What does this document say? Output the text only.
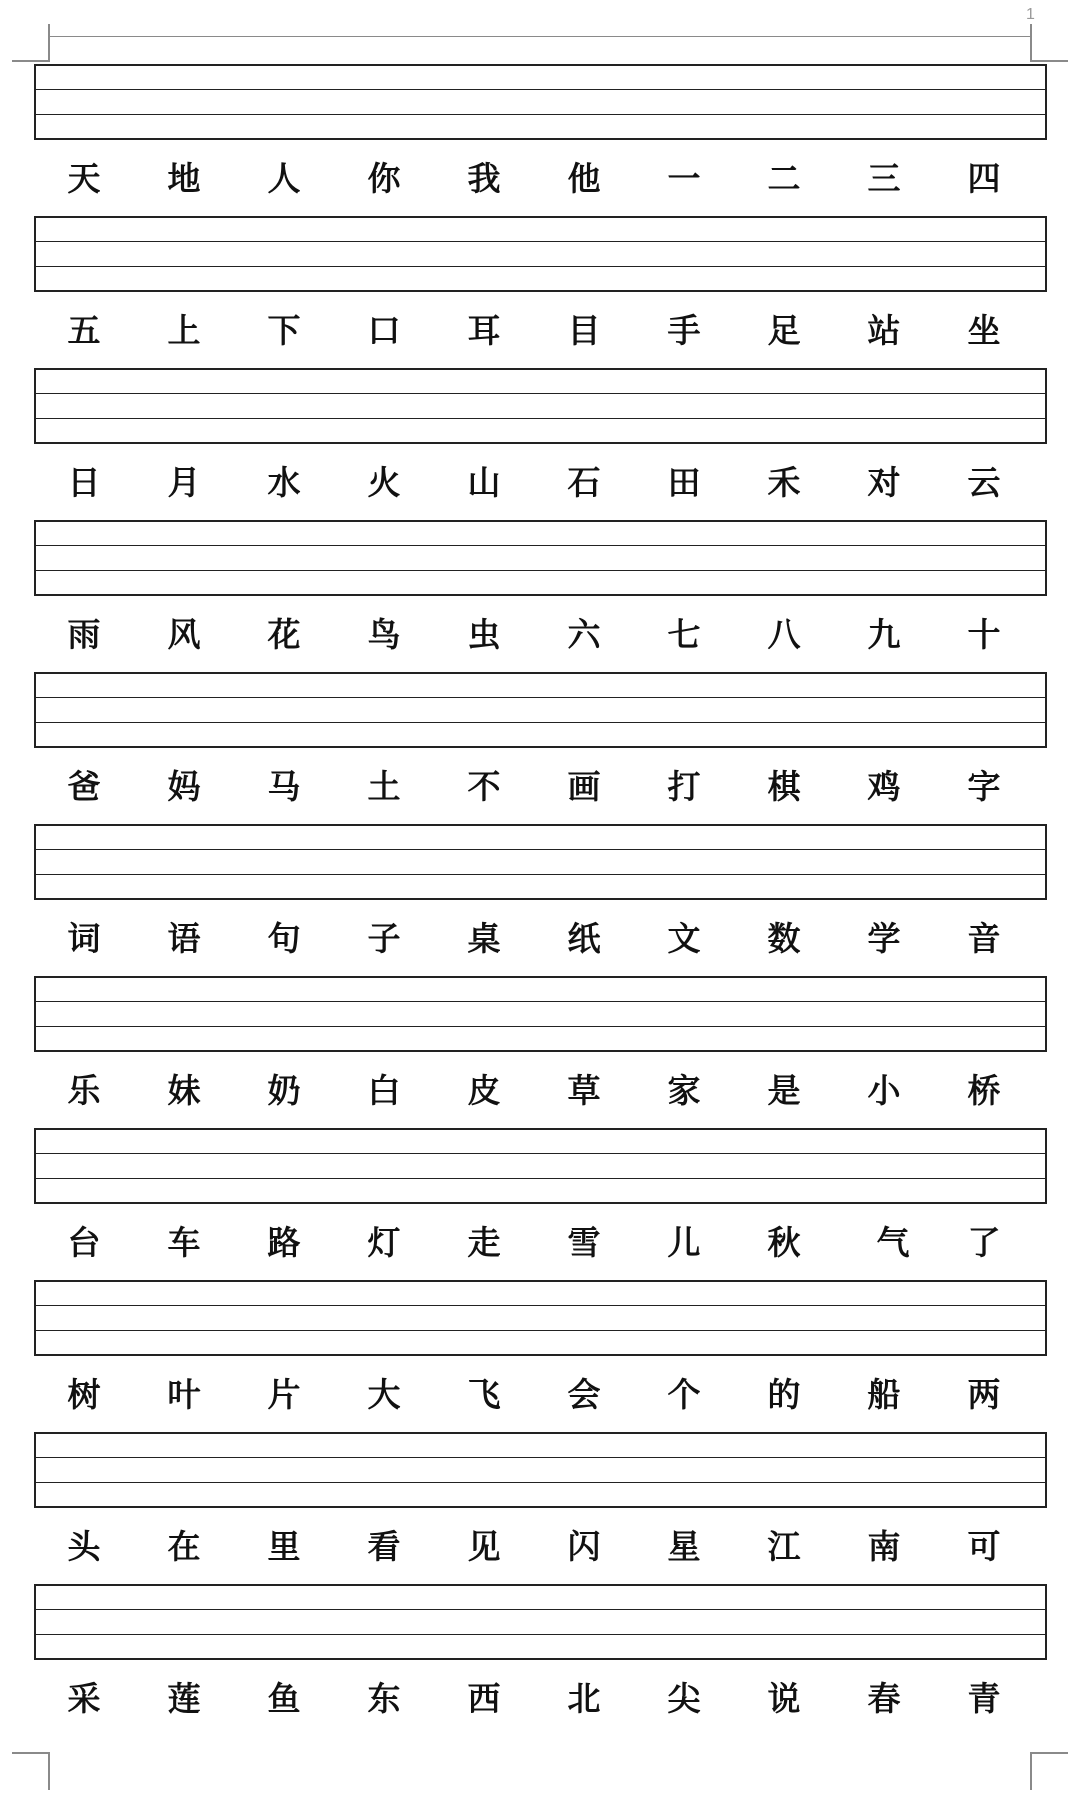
1
天	地	人	你	我	他	一	二	三	四
五	上	下	口	耳	目	手	足	站	坐
日	月	水	火	山	石	田	禾	对	云
雨	风	花	鸟	虫	六	七	八	九	十
爸	妈	马	土	不	画	打	棋	鸡	字
词	语	句	子	桌	纸	文	数	学	音
乐	妹	奶	白	皮	草	家	是	小	桥
台	车	路	灯	走	雪	儿	秋	气	了
树	叶	片	大	飞	会	个	的	船	两
头	在	里	看	见	闪	星	江	南	可
采	莲	鱼	东	西	北	尖	说	春	青
